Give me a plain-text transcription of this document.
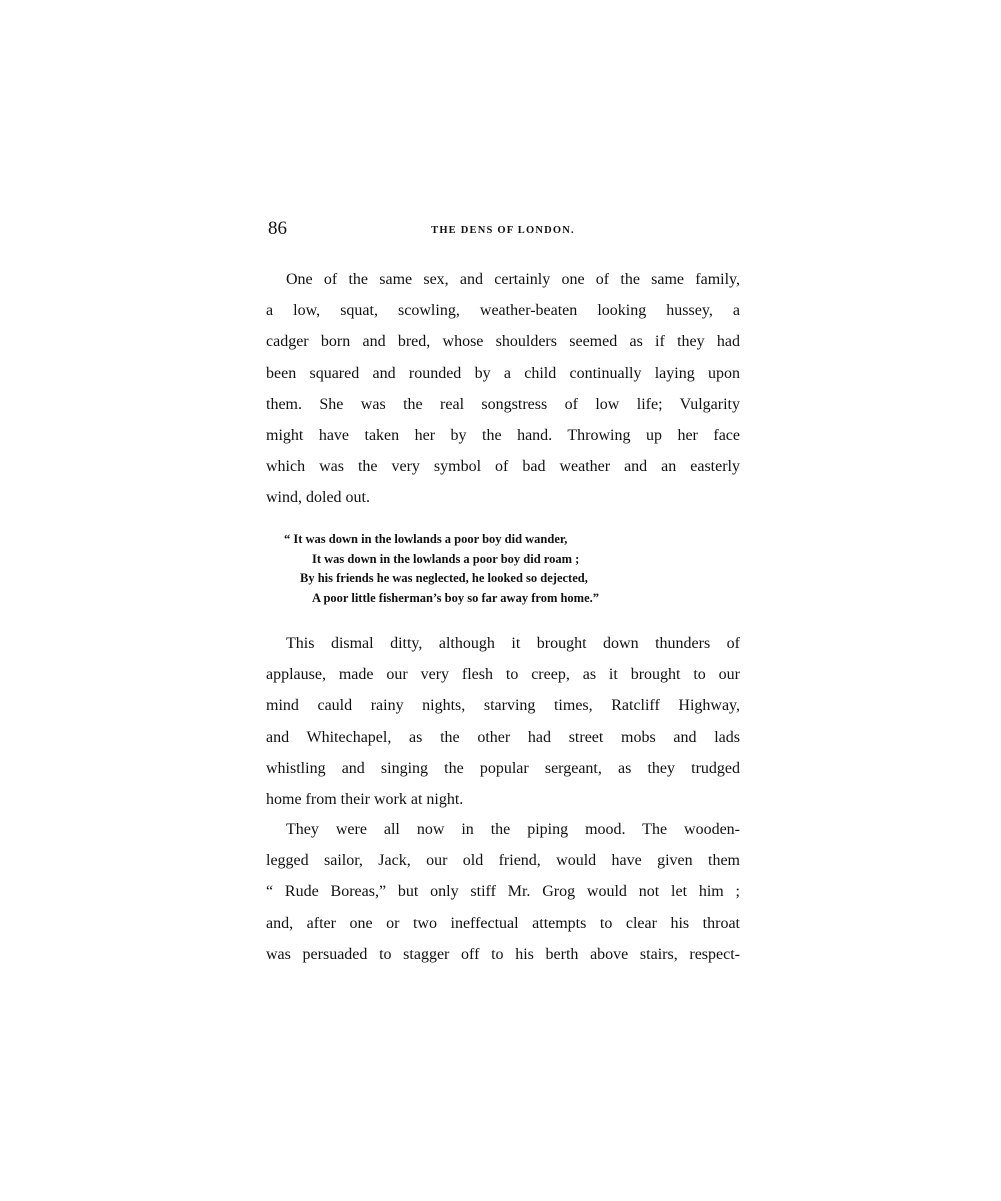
86	THE DENS OF LONDON.
One of the same sex, and certainly one of the same family,
a low, squat, scowling, weather-beaten looking hussey, a
cadger born and bred, whose shoulders seemed as if they had
been squared and rounded by a child continually laying upon
them. She was the real songstress of low life; Vulgarity
might have taken her by the hand. Throwing up her face
which was the very symbol of bad weather and an easterly
wind, doled out.
“ It was down in the lowlands a poor boy did wander,
It was down in the lowlands a poor boy did roam ;
By his friends he was neglected, he looked so dejected,
A poor little fisherman’s boy so far away from home.”
This dismal ditty, although it brought down thunders of
applause, made our very flesh to creep, as it brought to our
mind cauld rainy nights, starving times, Ratcliff Highway,
and Whitechapel, as the other had street mobs and lads
whistling and singing the popular sergeant, as they trudged
home from their work at night.
They were all now in the piping mood. The wooden-
legged sailor, Jack, our old friend, would have given them
“ Rude Boreas,” but only stiff Mr. Grog would not let him ;
and, after one or two ineffectual attempts to clear his throat
was persuaded to stagger off to his berth above stairs, respect-
